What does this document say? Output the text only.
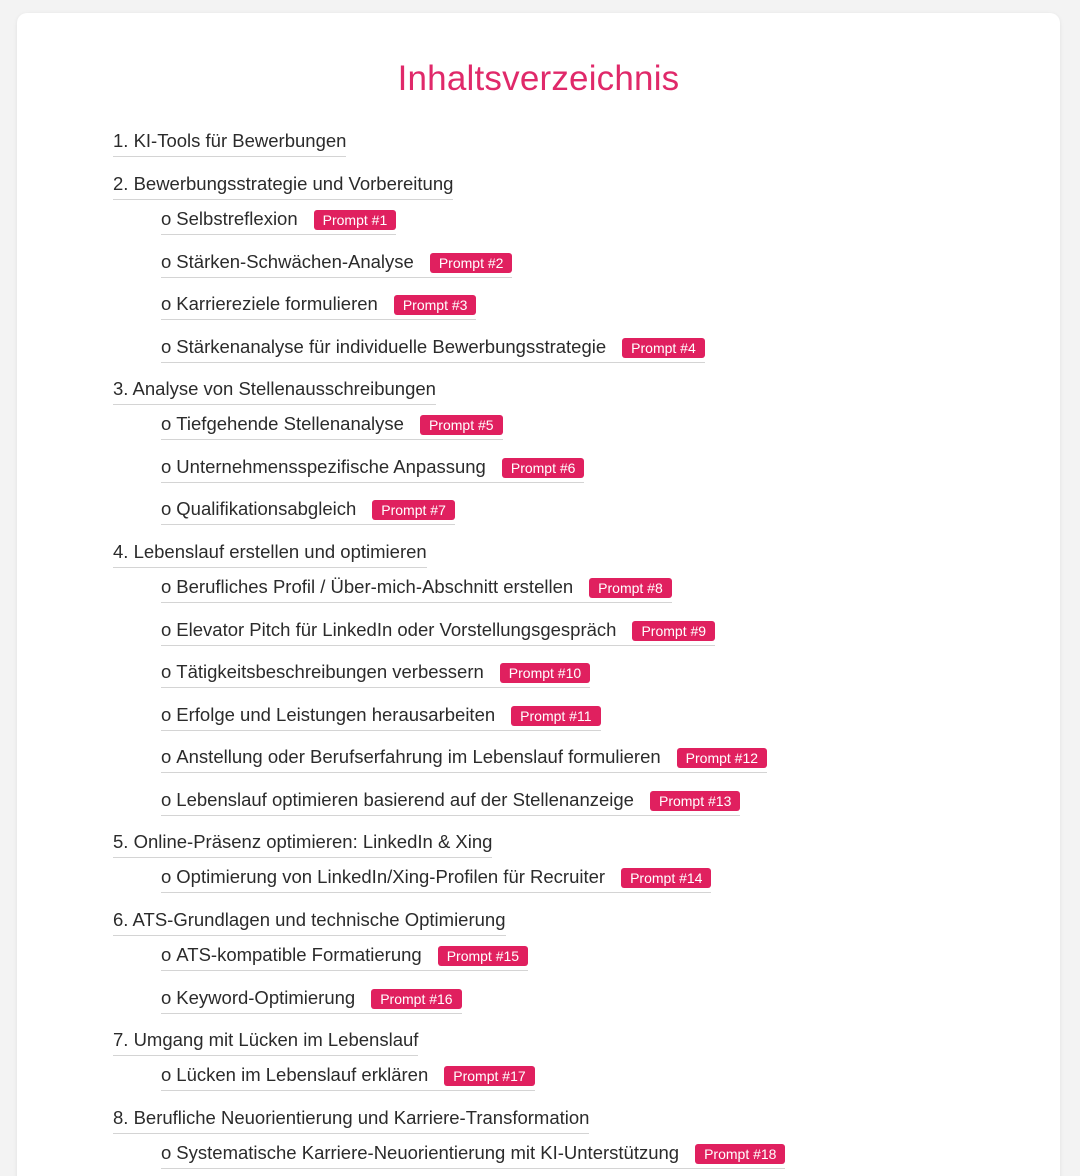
Inhaltsverzeichnis
1. KI-Tools für Bewerbungen
2. Bewerbungsstrategie und Vorbereitung
o Selbstreflexion	Prompt #1
o Stärken-Schwächen-Analyse	Prompt #2
o Karriereziele formulieren	Prompt #3
o Stärkenanalyse für individuelle Bewerbungsstrategie	Prompt #4
3. Analyse von Stellenausschreibungen
o Tiefgehende Stellenanalyse	Prompt #5
o Unternehmensspezifische Anpassung	Prompt #6
o Qualifikationsabgleich	Prompt #7
4. Lebenslauf erstellen und optimieren
o Berufliches Profil / Über-mich-Abschnitt erstellen	Prompt #8
o Elevator Pitch für LinkedIn oder Vorstellungsgespräch	Prompt #9
o Tätigkeitsbeschreibungen verbessern	Prompt #10
o Erfolge und Leistungen herausarbeiten	Prompt #11
o Anstellung oder Berufserfahrung im Lebenslauf formulieren	Prompt #12
o Lebenslauf optimieren basierend auf der Stellenanzeige	Prompt #13
5. Online-Präsenz optimieren: LinkedIn & Xing
o Optimierung von LinkedIn/Xing-Profilen für Recruiter	Prompt #14
6. ATS-Grundlagen und technische Optimierung
o ATS-kompatible Formatierung	Prompt #15
o Keyword-Optimierung	Prompt #16
7. Umgang mit Lücken im Lebenslauf
o Lücken im Lebenslauf erklären	Prompt #17
8. Berufliche Neuorientierung und Karriere-Transformation
o Systematische Karriere-Neuorientierung mit KI-Unterstützung	Prompt #18
